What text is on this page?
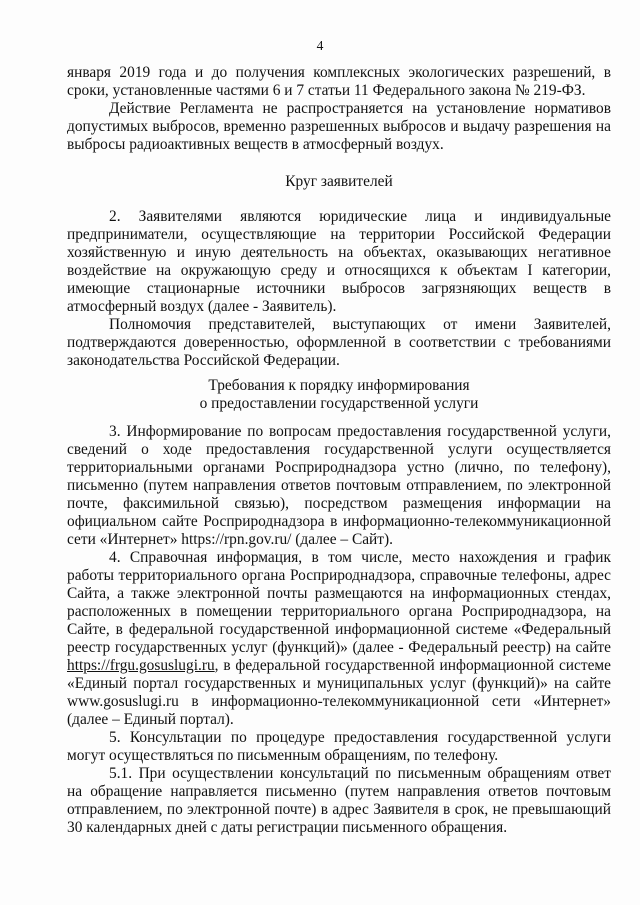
4

января 2019 года и до получения комплексных экологических разрешений, в сроки, установленные частями 6 и 7 статьи 11 Федерального закона № 219-ФЗ.

Действие Регламента не распространяется на установление нормативов допустимых выбросов, временно разрешенных выбросов и выдачу разрешения на выбросы радиоактивных веществ в атмосферный воздух.

Круг заявителей

2. Заявителями являются юридические лица и индивидуальные предприниматели, осуществляющие на территории Российской Федерации хозяйственную и иную деятельность на объектах, оказывающих негативное воздействие на окружающую среду и относящихся к объектам I категории, имеющие стационарные источники выбросов загрязняющих веществ в атмосферный воздух (далее - Заявитель).

Полномочия представителей, выступающих от имени Заявителей, подтверждаются доверенностью, оформленной в соответствии с требованиями законодательства Российской Федерации.

Требования к порядку информирования
о предоставлении государственной услуги

3. Информирование по вопросам предоставления государственной услуги, сведений о ходе предоставления государственной услуги осуществляется территориальными органами Росприроднадзора устно (лично, по телефону), письменно (путем направления ответов почтовым отправлением, по электронной почте, факсимильной связью), посредством размещения информации на официальном сайте Росприроднадзора в информационно-телекоммуникационной сети «Интернет» https://rpn.gov.ru/ (далее – Сайт).

4. Справочная информация, в том числе, место нахождения и график работы территориального органа Росприроднадзора, справочные телефоны, адрес Сайта, а также электронной почты размещаются на информационных стендах, расположенных в помещении территориального органа Росприроднадзора, на Сайте, в федеральной государственной информационной системе «Федеральный реестр государственных услуг (функций)» (далее - Федеральный реестр) на сайте https://frgu.gosuslugi.ru, в федеральной государственной информационной системе «Единый портал государственных и муниципальных услуг (функций)» на сайте www.gosuslugi.ru в информационно-телекоммуникационной сети «Интернет» (далее – Единый портал).

5. Консультации по процедуре предоставления государственной услуги могут осуществляться по письменным обращениям, по телефону.

5.1. При осуществлении консультаций по письменным обращениям ответ на обращение направляется письменно (путем направления ответов почтовым отправлением, по электронной почте) в адрес Заявителя в срок, не превышающий 30 календарных дней с даты регистрации письменного обращения.
